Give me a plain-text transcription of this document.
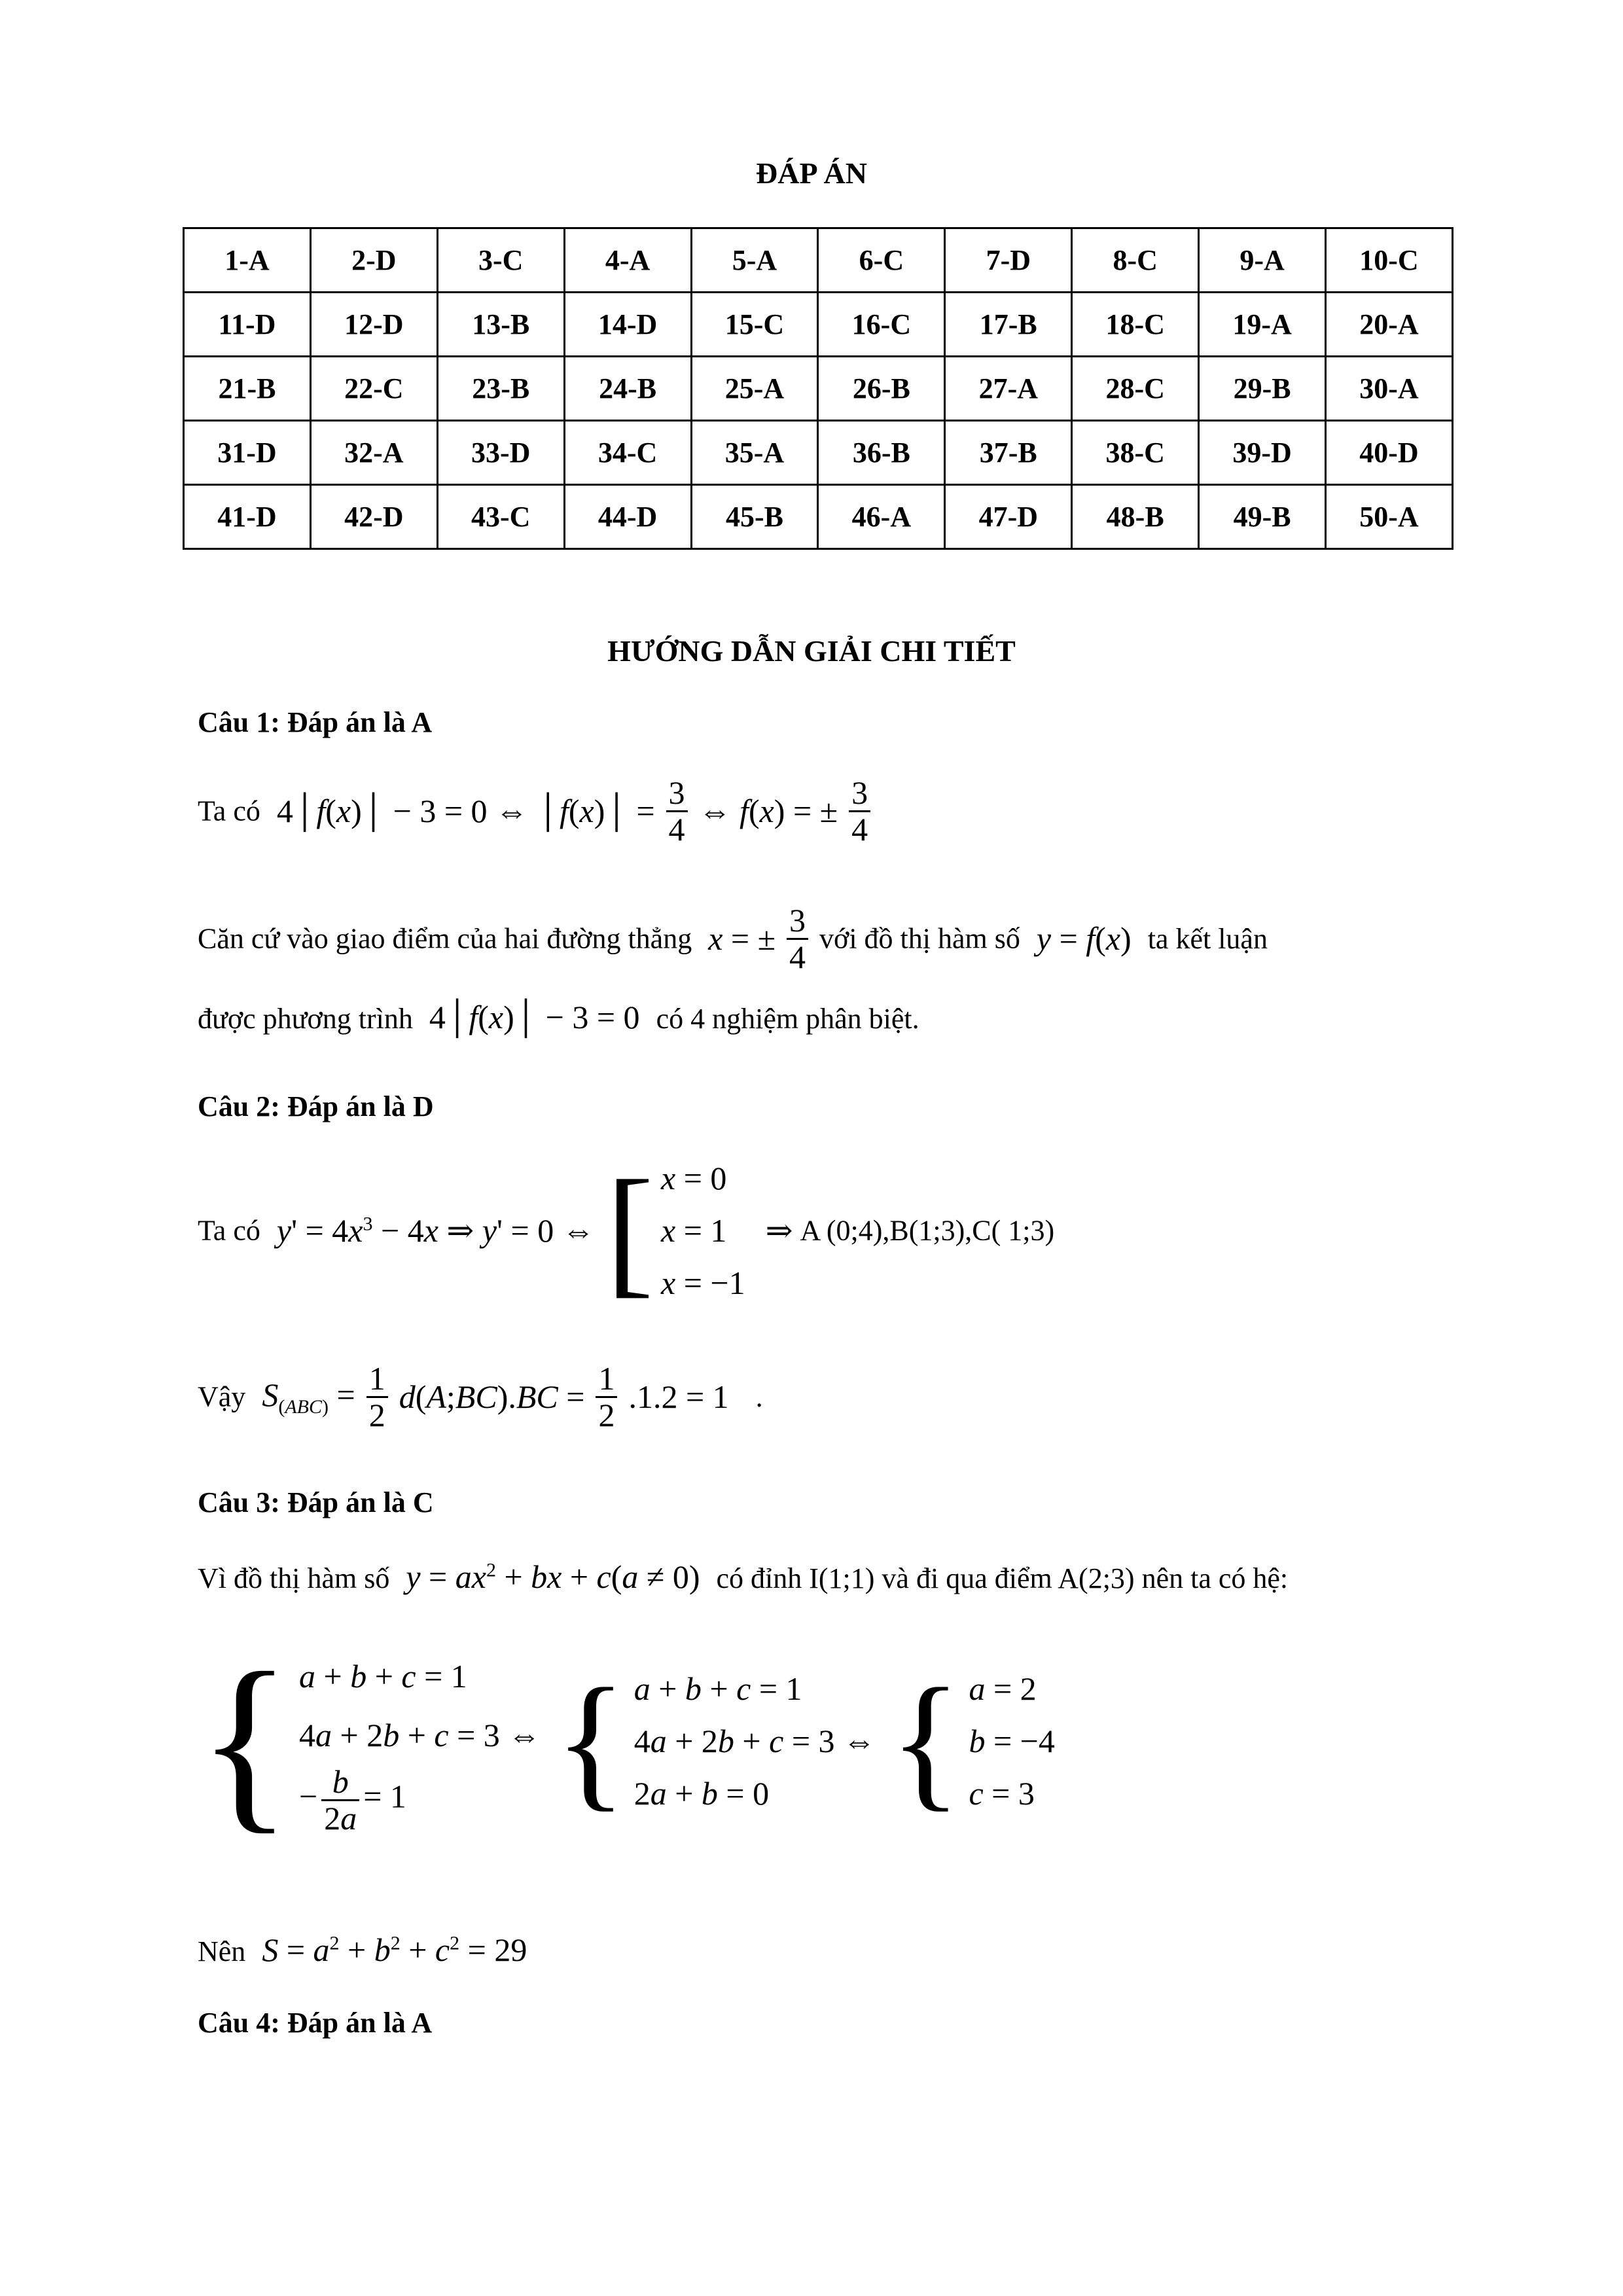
ĐÁP ÁN
1-A	2-D	3-C	4-A	5-A	6-C	7-D	8-C	9-A	10-C
11-D	12-D	13-B	14-D	15-C	16-C	17-B	18-C	19-A	20-A
21-B	22-C	23-B	24-B	25-A	26-B	27-A	28-C	29-B	30-A
31-D	32-A	33-D	34-C	35-A	36-B	37-B	38-C	39-D	40-D
41-D	42-D	43-C	44-D	45-B	46-A	47-D	48-B	49-B	50-A
HƯỚNG DẪN GIẢI CHI TIẾT
Câu 1: Đáp án là A
Ta có 4│f(x)│ − 3 = 0 ⇔ │f(x)│ = $\frac{3}{4}$ ⇔ f(x) = ± $\frac{3}{4}$
Căn cứ vào giao điểm của hai đường thẳng x = ± $\frac{3}{4}$ với đồ thị hàm số y = f(x) ta kết luận
được phương trình 4│f(x)│ − 3 = 0 có 4 nghiệm phân biệt.
Câu 2: Đáp án là D
Ta có $y' = 4x^3 - 4x$ ⇒ y' = 0 ⇔ [ x = 0
x = 1
x = −1
⇒ A (0;4),B(1;3),C( 1;3)
Vậy $S_{(ABC)} = \frac{1}{2}$ d(A;BC).BC = $\frac{1}{2} .1.2 = 1$ .
Câu 3: Đáp án là C
Vì đồ thị hàm số $y = ax^2$ + bx + c(a ≠ 0) có đỉnh I(1;1) và đi qua điểm A(2;3) nên ta có hệ:
{ a + b + c = 1
4a + 2b + c = 3 ⇔
− $\frac{b}{2a} = 1$ { a + b + c = 1
4a + 2b + c = 3 ⇔
2a + b = 0 { a = 2
b = −4
c = 3
Nên $S = a^2 + b^2 + c^2 = 29$
Câu 4: Đáp án là A
